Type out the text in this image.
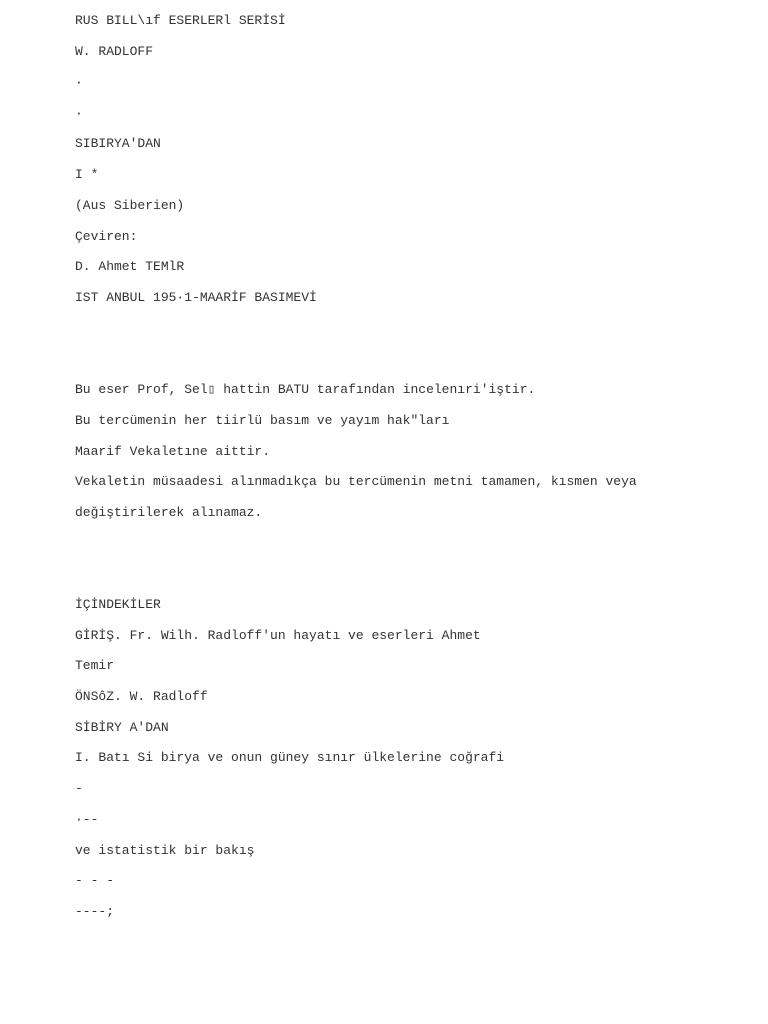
RUS BILL\ıf ESERLERl SERİSİ
W. RADLOFF
·
·
SIBIRYA'DAN
I *
(Aus Siberien)
Çeviren:
D. Ahmet TEMlR
IST ANBUL 195·1-MAARİF BASIMEVİ
Bu eser Prof, Sel▯ hattin BATU tarafından incelenıri'iştir.
Bu tercümenin her tiirlü basım ve yayım hak"ları
Maarif Vekaletıne aittir.
Vekaletin müsaadesi alınmadıkça bu tercümenin metni tamamen, kısmen veya
değiştirilerek alınamaz.
İÇİNDEKİLER
GİRİŞ. Fr. Wilh. Radloff'un hayatı ve eserleri Ahmet
Temir
ÖNSôZ. W. Radloff
SİBİRY A'DAN
I. Batı Si birya ve onun güney sınır ülkelerine coğrafi
-
·--
ve istatistik bir bakış
- - -
----;
